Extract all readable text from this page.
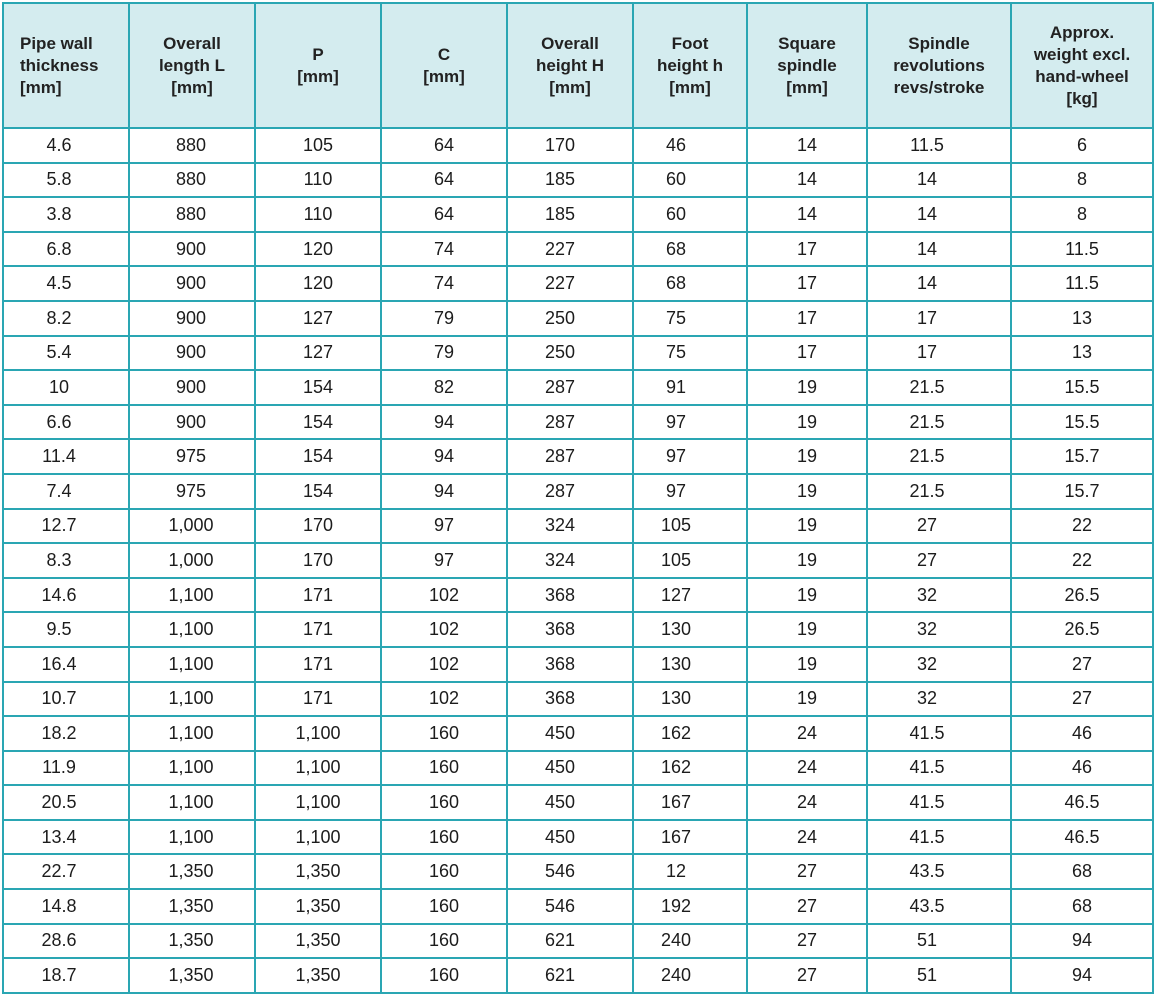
Pipe wall
thickness
[mm]	Overall
length L
[mm]	P
[mm]	C
[mm]	Overall
height H
[mm]	Foot
height h
[mm]	Square
spindle
[mm]	Spindle
revolutions
revs/stroke	Approx.
weight excl.
hand-wheel
[kg]
4.6	880	105	64	170	46	14	11.5	6
5.8	880	110	64	185	60	14	14	8
3.8	880	110	64	185	60	14	14	8
6.8	900	120	74	227	68	17	14	11.5
4.5	900	120	74	227	68	17	14	11.5
8.2	900	127	79	250	75	17	17	13
5.4	900	127	79	250	75	17	17	13
10	900	154	82	287	91	19	21.5	15.5
6.6	900	154	94	287	97	19	21.5	15.5
11.4	975	154	94	287	97	19	21.5	15.7
7.4	975	154	94	287	97	19	21.5	15.7
12.7	1,000	170	97	324	105	19	27	22
8.3	1,000	170	97	324	105	19	27	22
14.6	1,100	171	102	368	127	19	32	26.5
9.5	1,100	171	102	368	130	19	32	26.5
16.4	1,100	171	102	368	130	19	32	27
10.7	1,100	171	102	368	130	19	32	27
18.2	1,100	1,100	160	450	162	24	41.5	46
11.9	1,100	1,100	160	450	162	24	41.5	46
20.5	1,100	1,100	160	450	167	24	41.5	46.5
13.4	1,100	1,100	160	450	167	24	41.5	46.5
22.7	1,350	1,350	160	546	12	27	43.5	68
14.8	1,350	1,350	160	546	192	27	43.5	68
28.6	1,350	1,350	160	621	240	27	51	94
18.7	1,350	1,350	160	621	240	27	51	94
